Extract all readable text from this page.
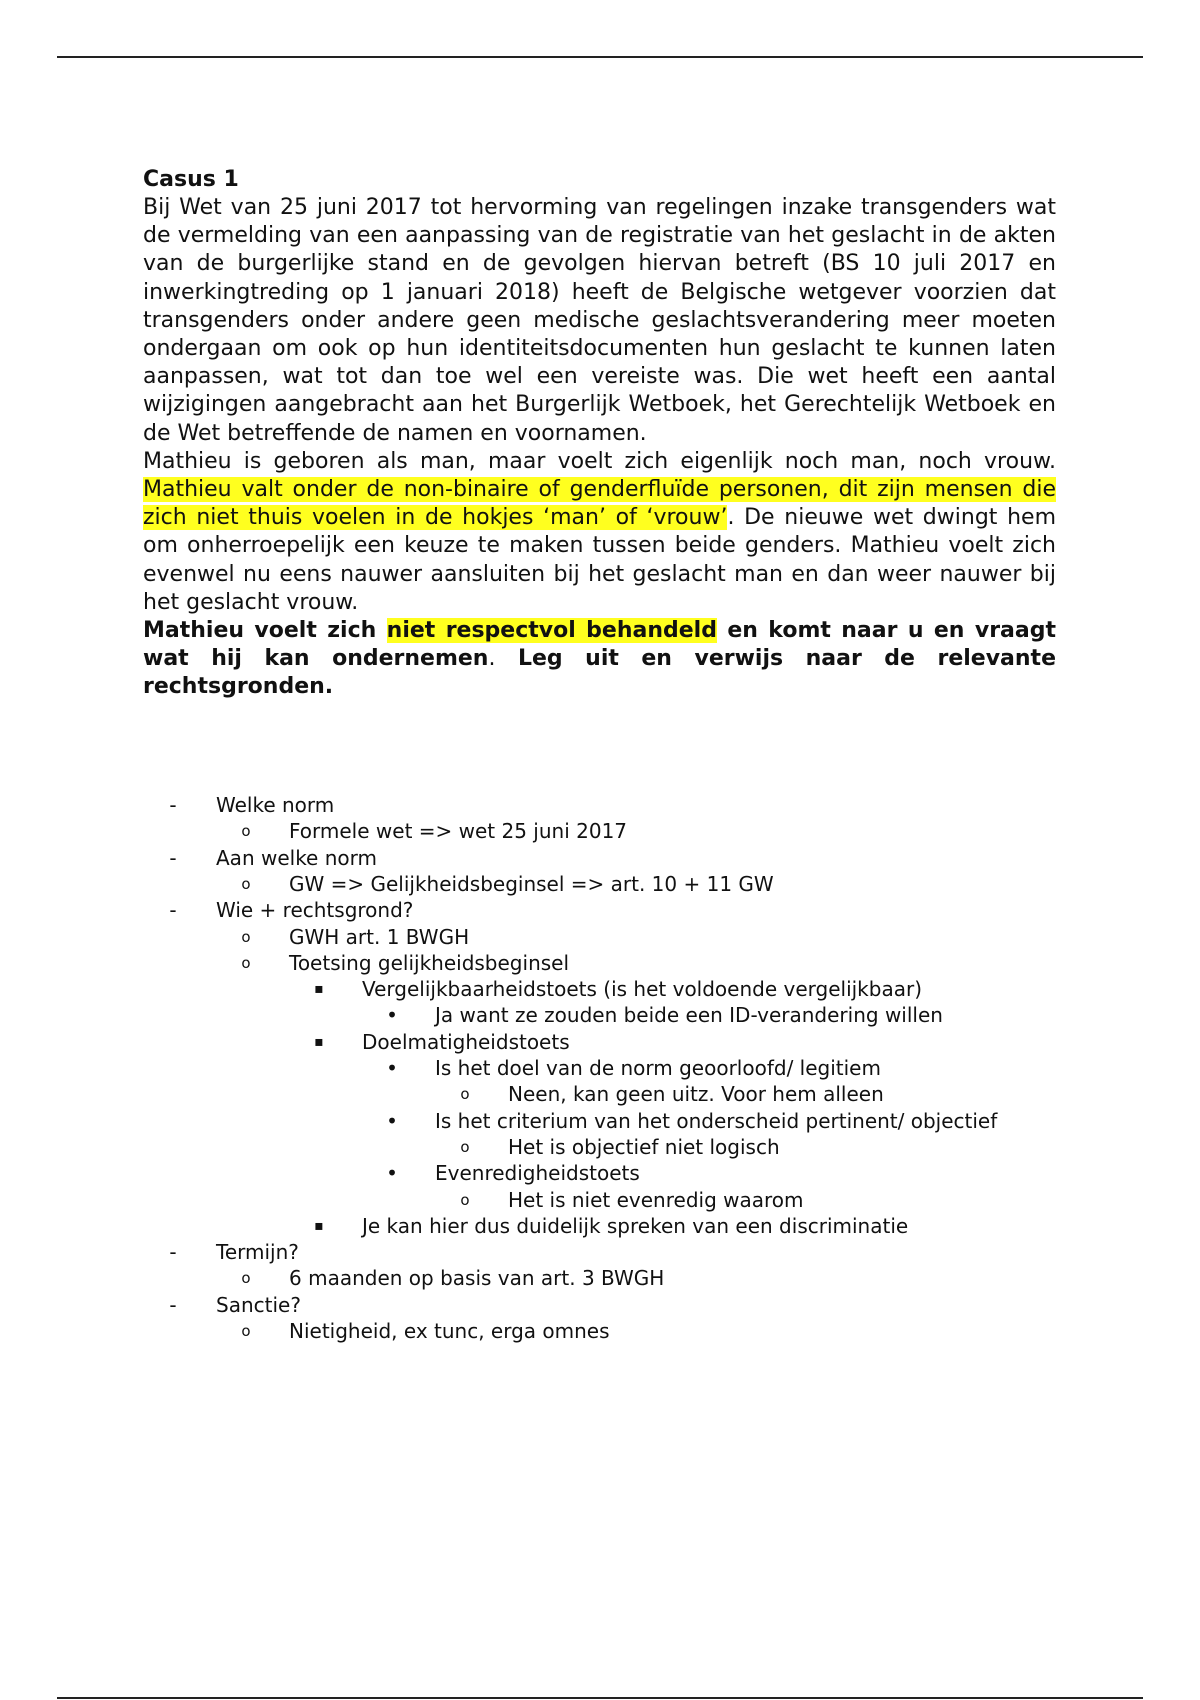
Casus 1

Bij Wet van 25 juni 2017 tot hervorming van regelingen inzake transgenders wat de vermelding van een aanpassing van de registratie van het geslacht in de akten van de burgerlijke stand en de gevolgen hiervan betreft (BS 10 juli 2017 en inwerkingtreding op 1 januari 2018) heeft de Belgische wetgever voorzien dat transgenders onder andere geen medische geslachtsverandering meer moeten ondergaan om ook op hun identiteitsdocumenten hun geslacht te kunnen laten aanpassen, wat tot dan toe wel een vereiste was. Die wet heeft een aantal wijzigingen aangebracht aan het Burgerlijk Wetboek, het Gerechtelijk Wetboek en de Wet betreffende de namen en voornamen.

Mathieu is geboren als man, maar voelt zich eigenlijk noch man, noch vrouw. Mathieu valt onder de non-binaire of genderfluïde personen, dit zijn mensen die zich niet thuis voelen in de hokjes ‘man’ of ‘vrouw’. De nieuwe wet dwingt hem om onherroepelijk een keuze te maken tussen beide genders. Mathieu voelt zich evenwel nu eens nauwer aansluiten bij het geslacht man en dan weer nauwer bij het geslacht vrouw.

Mathieu voelt zich niet respectvol behandeld en komt naar u en vraagt wat hij kan ondernemen. Leg uit en verwijs naar de relevante rechtsgronden.

-	Welke norm
o Formele wet => wet 25 juni 2017
-	Aan welke norm
o GW => Gelijkheidsbeginsel => art. 10 + 11 GW
-	Wie + rechtsgrond?
o GWH art. 1 BWGH
o Toetsing gelijkheidsbeginsel
▪ Vergelijkbaarheidstoets (is het voldoende vergelijkbaar)
• Ja want ze zouden beide een ID-verandering willen
▪ Doelmatigheidstoets
• Is het doel van de norm geoorloofd/ legitiem
o Neen, kan geen uitz. Voor hem alleen
• Is het criterium van het onderscheid pertinent/ objectief
o Het is objectief niet logisch
• Evenredigheidstoets
o Het is niet evenredig waarom
▪ Je kan hier dus duidelijk spreken van een discriminatie
-	Termijn?
o 6 maanden op basis van art. 3 BWGH
-	Sanctie?
o Nietigheid, ex tunc, erga omnes
